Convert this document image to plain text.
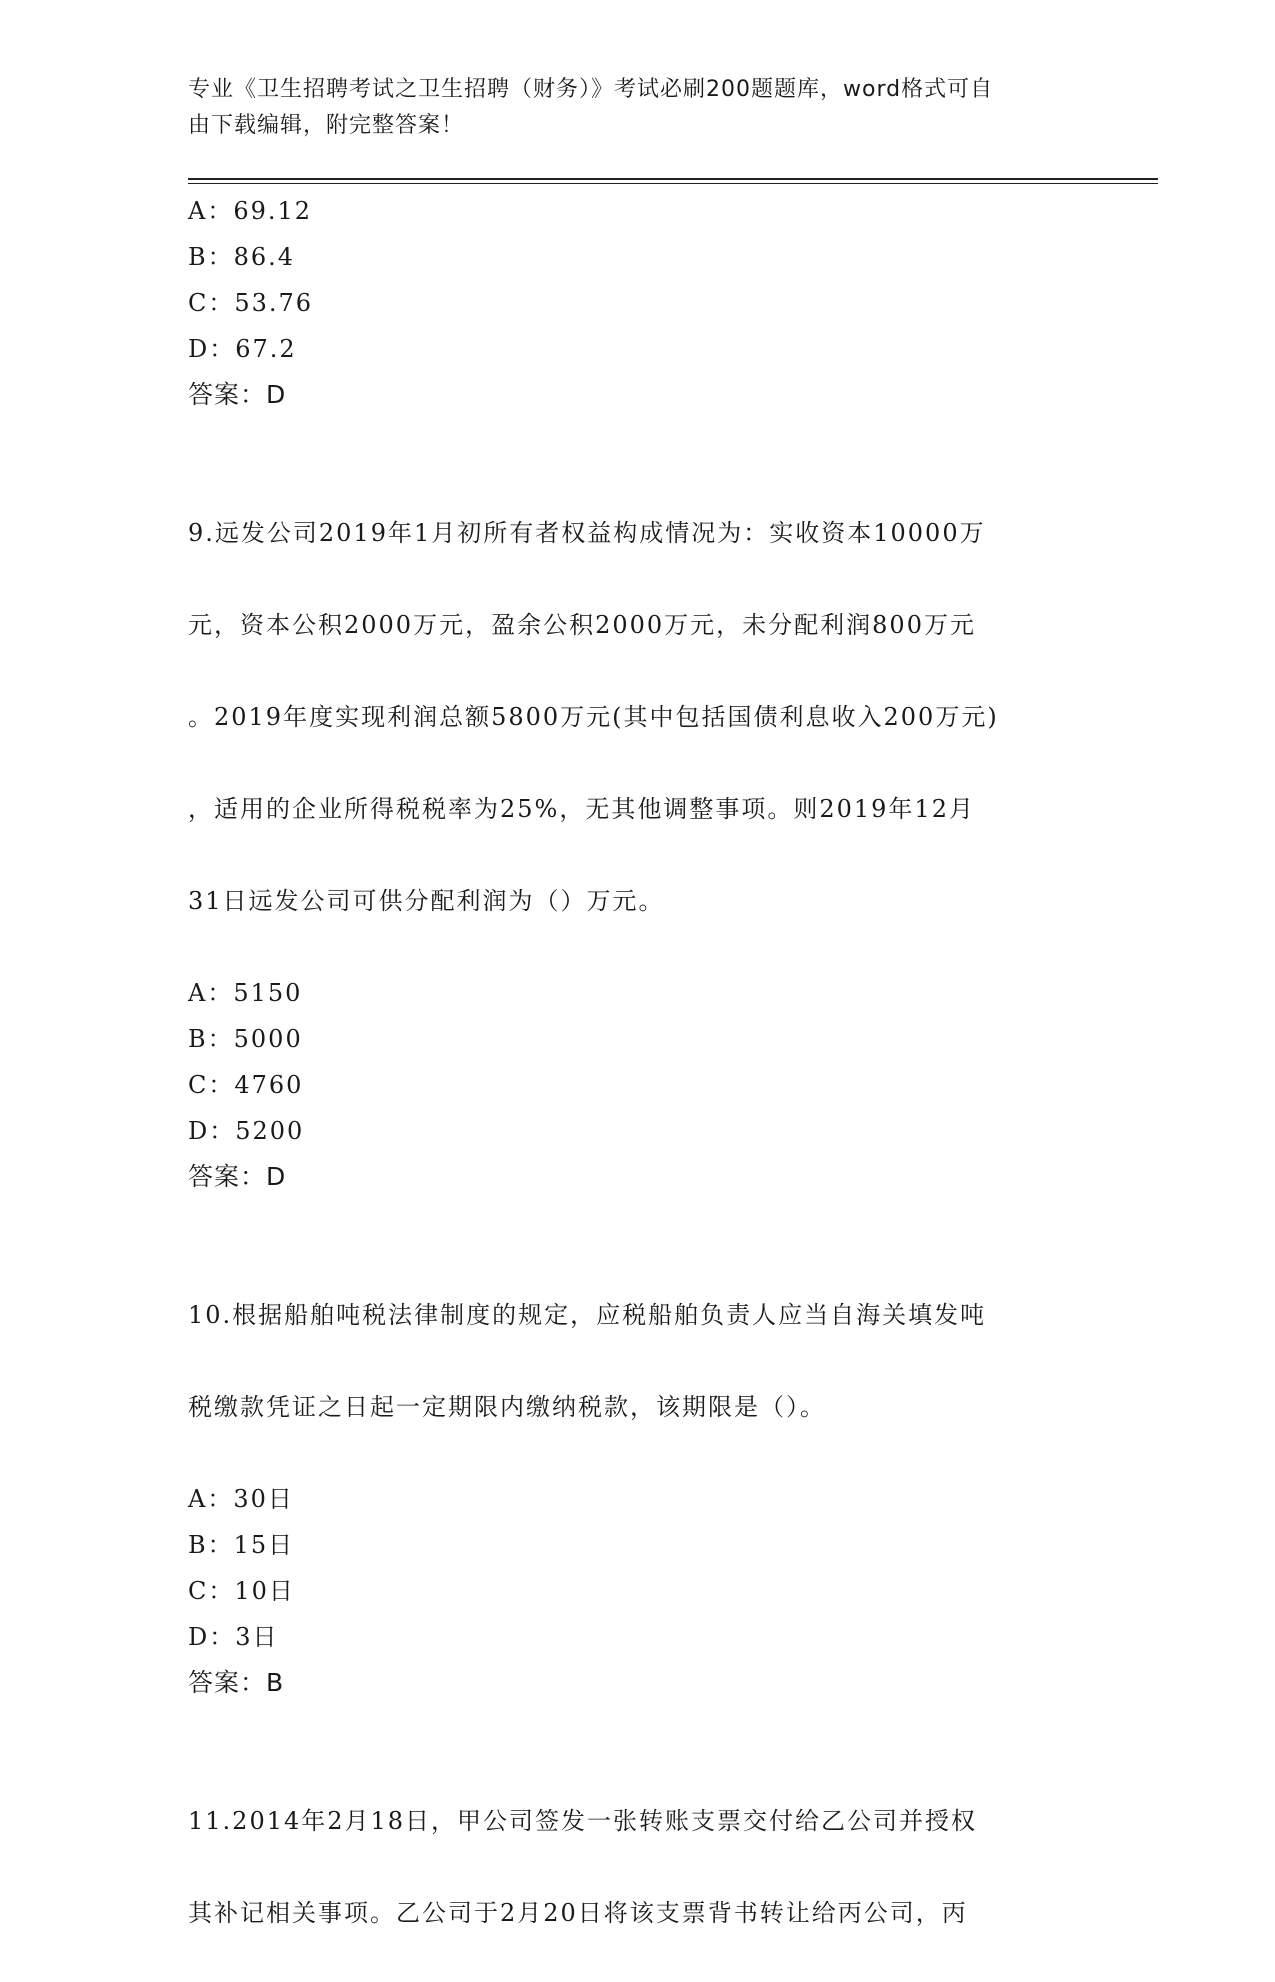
专业《卫生招聘考试之卫生招聘（财务）》考试必刷200题题库，word格式可自
由下载编辑，附完整答案！
A：69.12
B：86.4
C：53.76
D：67.2
答案：D

9.远发公司2019年1月初所有者权益构成情况为：实收资本10000万

元，资本公积2000万元，盈余公积2000万元，未分配利润800万元

。2019年度实现利润总额5800万元(其中包括国债利息收入200万元)

，适用的企业所得税税率为25%，无其他调整事项。则2019年12月

31日远发公司可供分配利润为（）万元。

A：5150
B：5000
C：4760
D：5200
答案：D

10.根据船舶吨税法律制度的规定，应税船舶负责人应当自海关填发吨

税缴款凭证之日起一定期限内缴纳税款，该期限是（）。

A：30日
B：15日
C：10日
D：3日
答案：B

11.2014年2月18日，甲公司签发一张转账支票交付给乙公司并授权

其补记相关事项。乙公司于2月20日将该支票背书转让给丙公司，丙
